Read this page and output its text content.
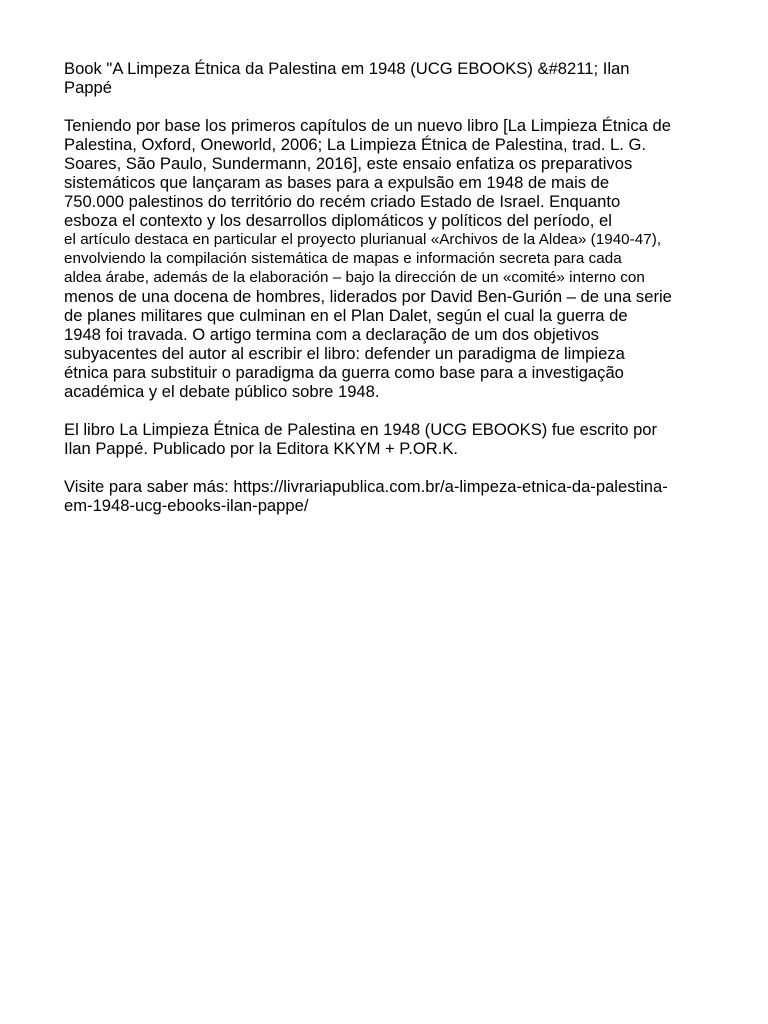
Book "A Limpeza Étnica da Palestina em 1948 (UCG EBOOKS) &#8211; Ilan
Pappé

Teniendo por base los primeros capítulos de un nuevo libro [La Limpieza Étnica de
Palestina, Oxford, Oneworld, 2006; La Limpieza Étnica de Palestina, trad. L. G.
Soares, São Paulo, Sundermann, 2016], este ensaio enfatiza os preparativos
sistemáticos que lançaram as bases para a expulsão em 1948 de mais de
750.000 palestinos do território do recém criado Estado de Israel. Enquanto
esboza el contexto y los desarrollos diplomáticos y políticos del período, el
el artículo destaca en particular el proyecto plurianual «Archivos de la Aldea» (1940-47),
envolviendo la compilación sistemática de mapas e información secreta para cada
aldea árabe, además de la elaboración – bajo la dirección de un «comité» interno con
menos de una docena de hombres, liderados por David Ben-Gurión – de una serie
de planes militares que culminan en el Plan Dalet, según el cual la guerra de
1948 foi travada. O artigo termina com a declaração de um dos objetivos
subyacentes del autor al escribir el libro: defender un paradigma de limpieza
étnica para substituir o paradigma da guerra como base para a investigação
académica y el debate público sobre 1948.

El libro La Limpieza Étnica de Palestina en 1948 (UCG EBOOKS) fue escrito por
Ilan Pappé. Publicado por la Editora KKYM + P.OR.K.

Visite para saber más: https://livrariapublica.com.br/a-limpeza-etnica-da-palestina-
em-1948-ucg-ebooks-ilan-pappe/
